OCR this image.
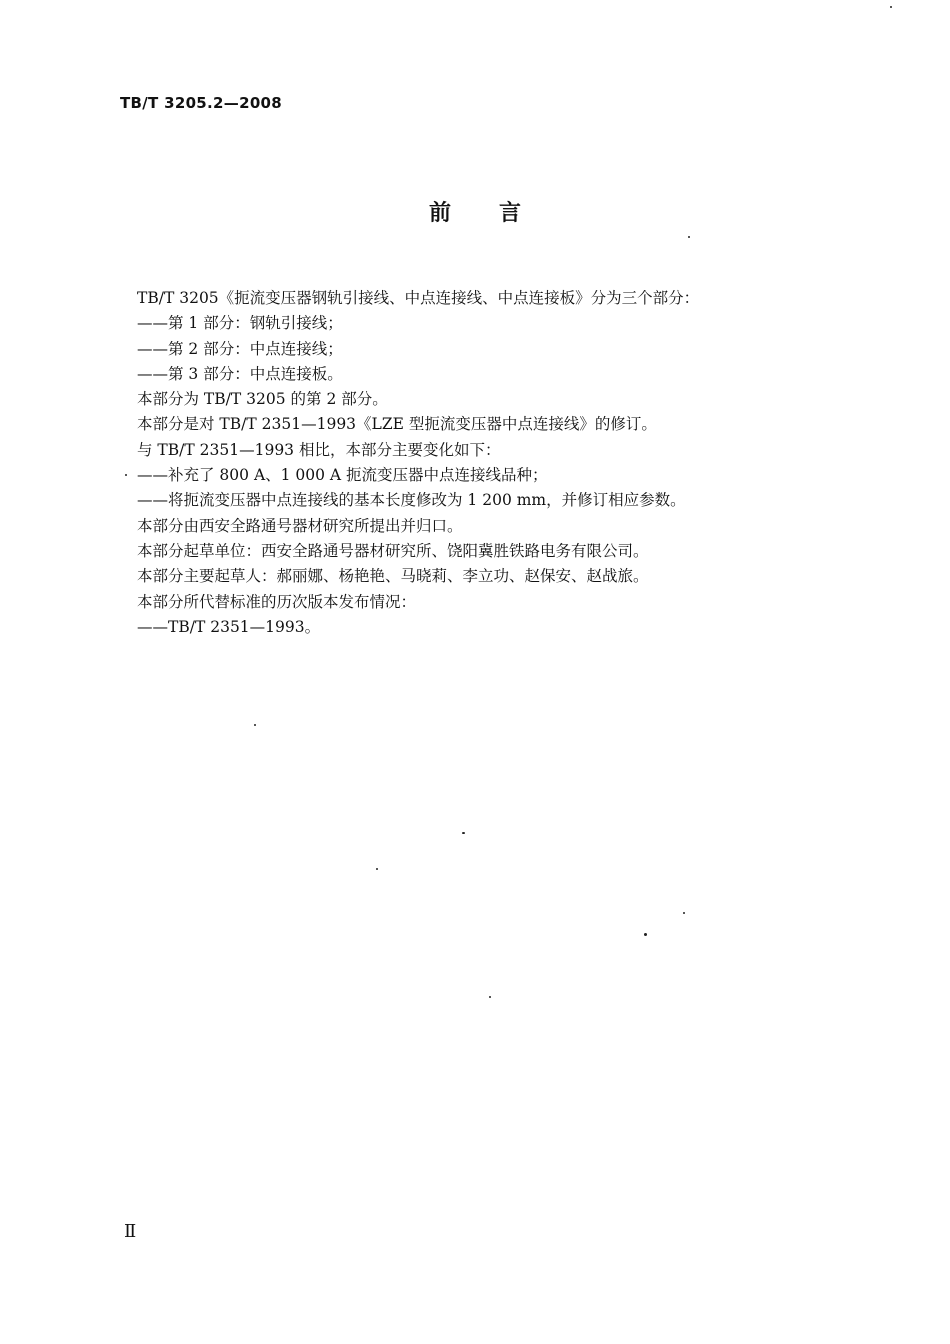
TB/T 3205.2—2008
前言
TB/T 3205《扼流变压器钢轨引接线、中点连接线、中点连接板》分为三个部分：
——第 1 部分：钢轨引接线；
——第 2 部分：中点连接线；
——第 3 部分：中点连接板。
本部分为 TB/T 3205 的第 2 部分。
本部分是对 TB/T 2351—1993《LZE 型扼流变压器中点连接线》的修订。
与 TB/T 2351—1993 相比，本部分主要变化如下：
——补充了 800 A、1 000 A 扼流变压器中点连接线品种；
——将扼流变压器中点连接线的基本长度修改为 1 200 mm，并修订相应参数。
本部分由西安全路通号器材研究所提出并归口。
本部分起草单位：西安全路通号器材研究所、饶阳冀胜铁路电务有限公司。
本部分主要起草人：郝丽娜、杨艳艳、马晓莉、李立功、赵保安、赵战旅。
本部分所代替标准的历次版本发布情况：
——TB/T 2351—1993。
Ⅱ
